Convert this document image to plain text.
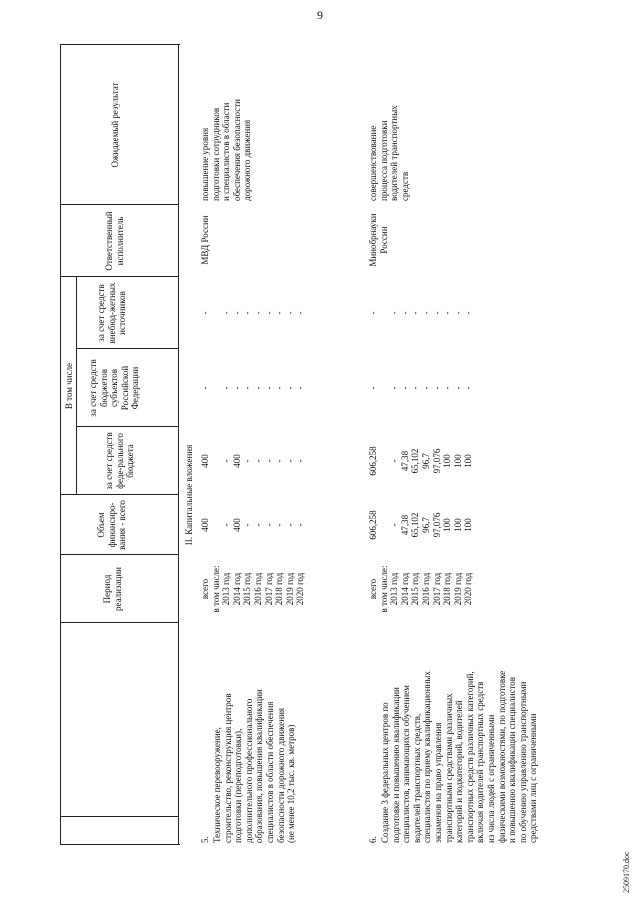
9
Период реализации
Объем финансиро-вания - всего
В том числе
за счет средств феде-рального бюджета
за счет средств бюджетов субъектов Российской Федерации
за счет средств внебюд-жетных источников
Ответственный исполнитель
Ожидаемый результат
II. Капитальные вложения
5. Техническое перевооружение,
строительство, реконструкция центров
подготовки (переподготовки),
дополнительного профессионального
образования, повышения квалификации
специалистов в области обеспечения
безопасности дорожного движения
(не менее 10,2 тыс. кв. метров)
всего
в том числе:
2013 год
2014 год
2015 год
2016 год
2017 год
2018 год
2019 год
2020 год
400

-
400
-
-
-
-
-
-
400

-
400
-
-
-
-
-
-
-

-
-
-
-
-
-
-
-
-

-
-
-
-
-
-
-
-
МВД России
повышение уровня
подготовки сотрудников
и специалистов в области
обеспечения безопасности
дорожного движения
6. Создание 3 федеральных центров по
подготовке и повышению квалификации
специалистов, занимающихся обучением
водителей транспортных средств,
специалистов по приему квалификационных
экзаменов на право управления
транспортными средствами различных
категорий и подкатегорий, водителей
транспортных средств различных категорий,
включая водителей транспортных средств
из числа людей с ограниченными
физическими возможностями, по подготовке
и повышению квалификации специалистов
по обучению управлению транспортными
средствами лиц с ограниченными
всего
в том числе:
2013 год
2014 год
2015 год
2016 год
2017 год
2018 год
2019 год
2020 год
606,258

-
47,38
65,102
96,7
97,076
100
100
100
606,258

-
47,38
65,102
96,7
97,076
100
100
100
-

-
-
-
-
-
-
-
-
-

-
-
-
-
-
-
-
-
Минобрнауки
России
совершенствование
процесса подготовки
водителей транспортных
средств
2509170.doc
